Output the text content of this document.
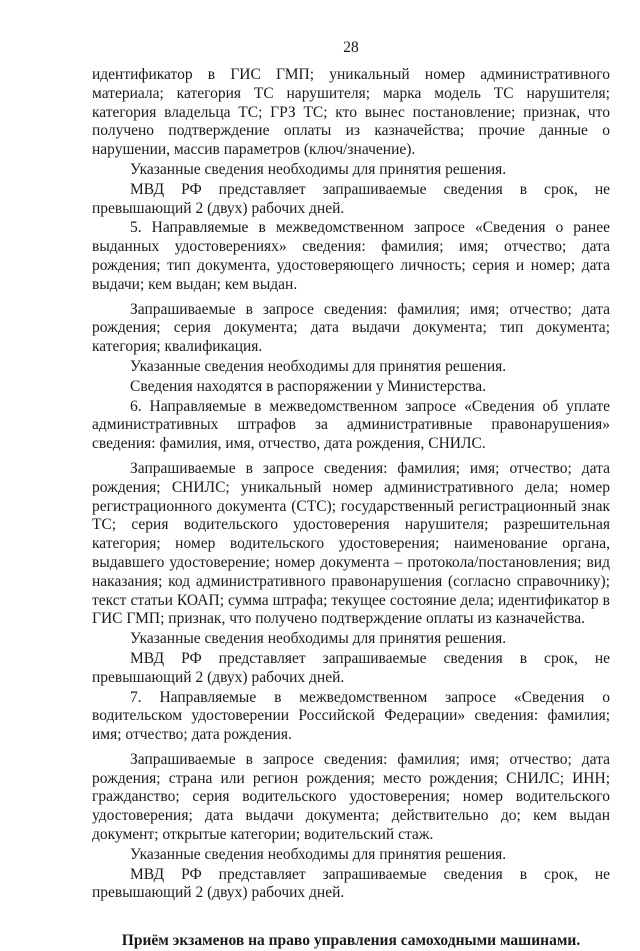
28

идентификатор в ГИС ГМП; уникальный номер административного материала; категория ТС нарушителя; марка модель ТС нарушителя; категория владельца ТС; ГРЗ ТС; кто вынес постановление; признак, что получено подтверждение оплаты из казначейства; прочие данные о нарушении, массив параметров (ключ/значение).

Указанные сведения необходимы для принятия решения.

МВД РФ представляет запрашиваемые сведения в срок, не превышающий 2 (двух) рабочих дней.

5. Направляемые в межведомственном запросе «Сведения о ранее выданных удостоверениях» сведения: фамилия; имя; отчество; дата рождения; тип документа, удостоверяющего личность; серия и номер; дата выдачи; кем выдан; кем выдан.

Запрашиваемые в запросе сведения: фамилия; имя; отчество; дата рождения; серия документа; дата выдачи документа; тип документа; категория; квалификация.

Указанные сведения необходимы для принятия решения.

Сведения находятся в распоряжении у Министерства.

6. Направляемые в межведомственном запросе «Сведения об уплате административных штрафов за административные правонарушения» сведения: фамилия, имя, отчество, дата рождения, СНИЛС.

Запрашиваемые в запросе сведения: фамилия; имя; отчество; дата рождения; СНИЛС; уникальный номер административного дела; номер регистрационного документа (СТС); государственный регистрационный знак ТС; серия водительского удостоверения нарушителя; разрешительная категория; номер водительского удостоверения; наименование органа, выдавшего удостоверение; номер документа – протокола/постановления; вид наказания; код административного правонарушения (согласно справочнику); текст статьи КОАП; сумма штрафа; текущее состояние дела; идентификатор в ГИС ГМП; признак, что получено подтверждение оплаты из казначейства.

Указанные сведения необходимы для принятия решения.

МВД РФ представляет запрашиваемые сведения в срок, не превышающий 2 (двух) рабочих дней.

7. Направляемые в межведомственном запросе «Сведения о водительском удостоверении Российской Федерации» сведения: фамилия; имя; отчество; дата рождения.

Запрашиваемые в запросе сведения: фамилия; имя; отчество; дата рождения; страна или регион рождения; место рождения; СНИЛС; ИНН; гражданство; серия водительского удостоверения; номер водительского удостоверения; дата выдачи документа; действительно до; кем выдан документ; открытые категории; водительский стаж.

Указанные сведения необходимы для принятия решения.

МВД РФ представляет запрашиваемые сведения в срок, не превышающий 2 (двух) рабочих дней.

Приём экзаменов на право управления самоходными машинами.
